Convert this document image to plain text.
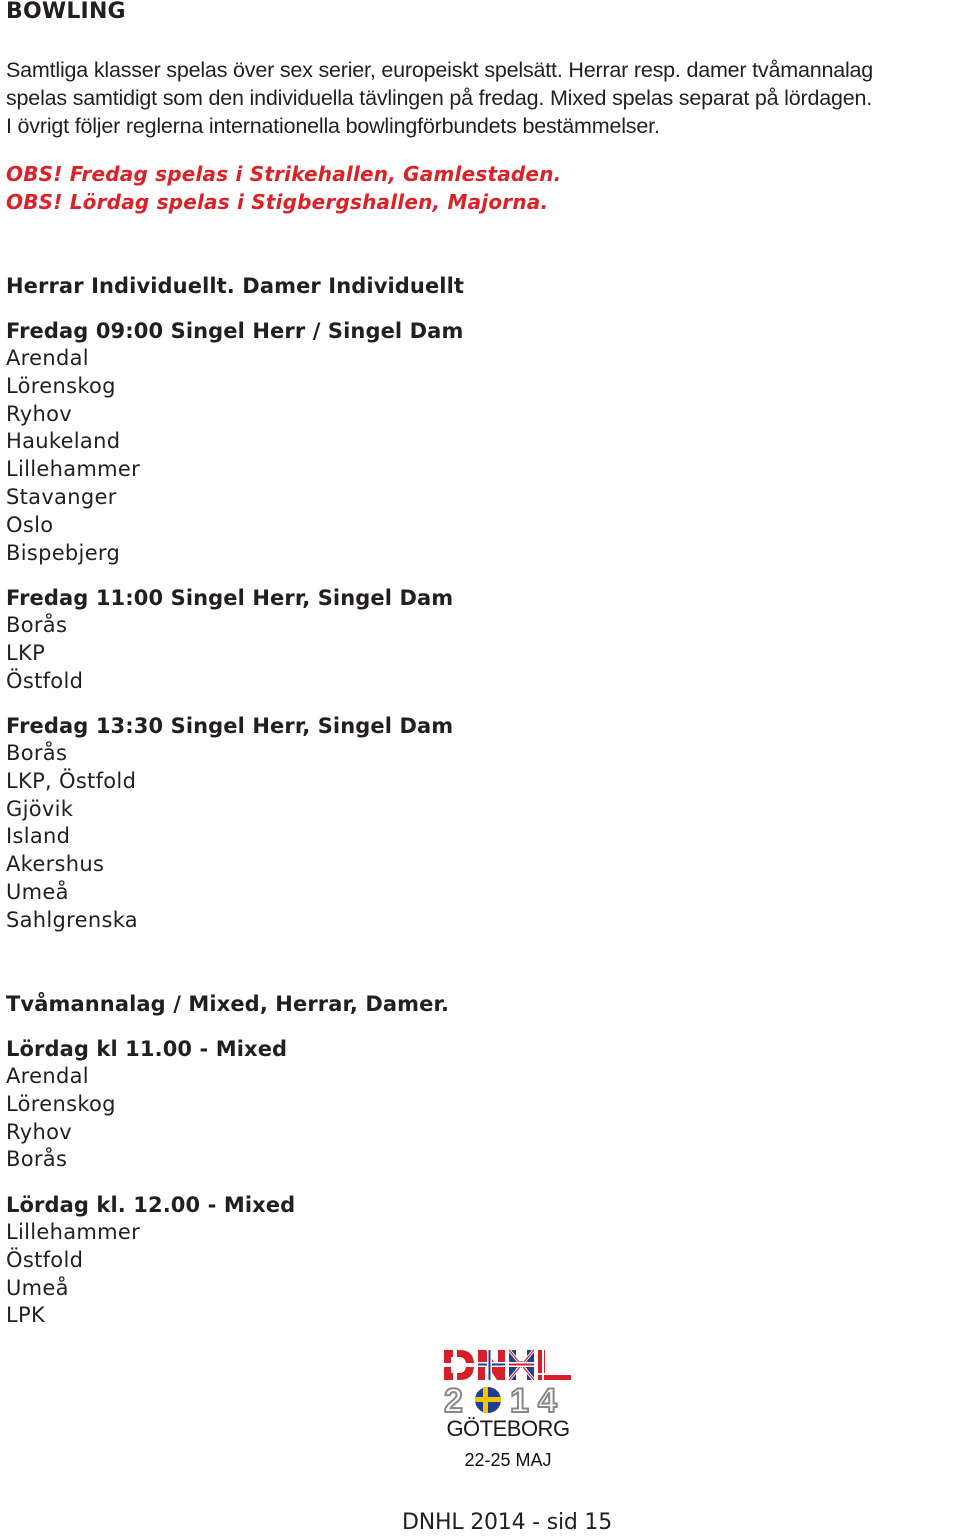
BOWLING
Samtliga klasser spelas över sex serier, europeiskt spelsätt. Herrar resp. damer tvåmannalag
spelas samtidigt som den individuella tävlingen på fredag. Mixed spelas separat på lördagen.
I övrigt följer reglerna internationella bowlingförbundets bestämmelser.
OBS! Fredag spelas i Strikehallen, Gamlestaden.
OBS! Lördag spelas i Stigbergshallen, Majorna.
Herrar Individuellt. Damer Individuellt
Fredag 09:00 Singel Herr / Singel Dam
Arendal
Lörenskog
Ryhov
Haukeland
Lillehammer
Stavanger
Oslo
Bispebjerg
Fredag 11:00 Singel Herr, Singel Dam
Borås
LKP
Östfold
Fredag 13:30 Singel Herr, Singel Dam
Borås
LKP, Östfold
Gjövik
Island
Akershus
Umeå
Sahlgrenska
Tvåmannalag / Mixed, Herrar, Damer.
Lördag kl 11.00 - Mixed
Arendal
Lörenskog
Ryhov
Borås
Lördag kl. 12.00 - Mixed
Lillehammer
Östfold
Umeå
LPK
2 1 4
GÖTEBORG
22-25 MAJ
DNHL 2014 - sid 15
